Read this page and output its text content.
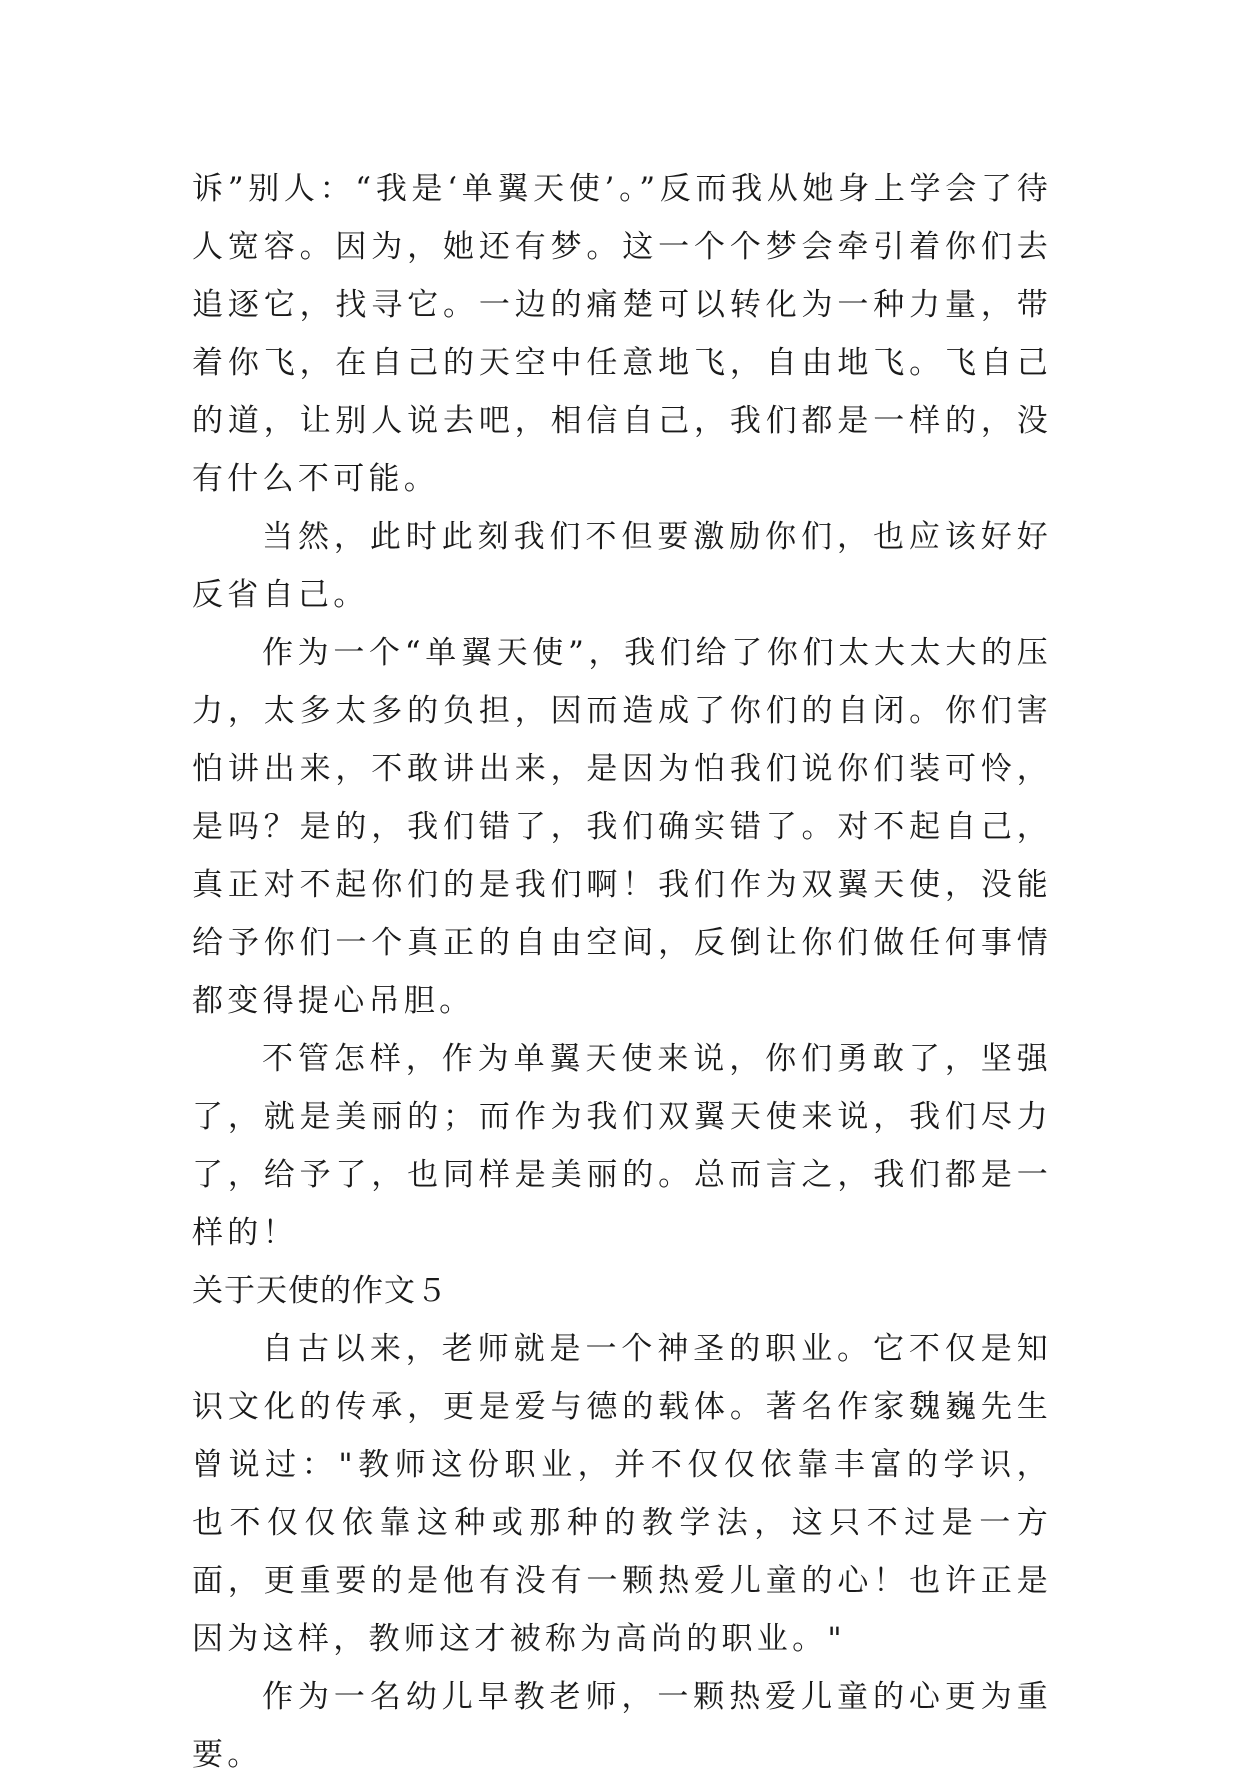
诉”别人：“我是‘单翼天使’。”反而我从她身上学会了待人宽容。因为，她还有梦。这一个个梦会牵引着你们去追逐它，找寻它。一边的痛楚可以转化为一种力量，带着你飞，在自己的天空中任意地飞，自由地飞。飞自己的道，让别人说去吧，相信自己，我们都是一样的，没有什么不可能。

当然，此时此刻我们不但要激励你们，也应该好好反省自己。

作为一个“单翼天使”，我们给了你们太大太大的压力，太多太多的负担，因而造成了你们的自闭。你们害怕讲出来，不敢讲出来，是因为怕我们说你们装可怜，是吗？是的，我们错了，我们确实错了。对不起自己，真正对不起你们的是我们啊！我们作为双翼天使，没能给予你们一个真正的自由空间，反倒让你们做任何事情都变得提心吊胆。

不管怎样，作为单翼天使来说，你们勇敢了，坚强了，就是美丽的；而作为我们双翼天使来说，我们尽力了，给予了，也同样是美丽的。总而言之，我们都是一样的！

关于天使的作文５

自古以来，老师就是一个神圣的职业。它不仅是知识文化的传承，更是爱与德的载体。著名作家魏巍先生曾说过："教师这份职业，并不仅仅依靠丰富的学识，也不仅仅依靠这种或那种的教学法，这只不过是一方面，更重要的是他有没有一颗热爱儿童的心！也许正是因为这样，教师这才被称为高尚的职业。"

作为一名幼儿早教老师，一颗热爱儿童的心更为重要。
